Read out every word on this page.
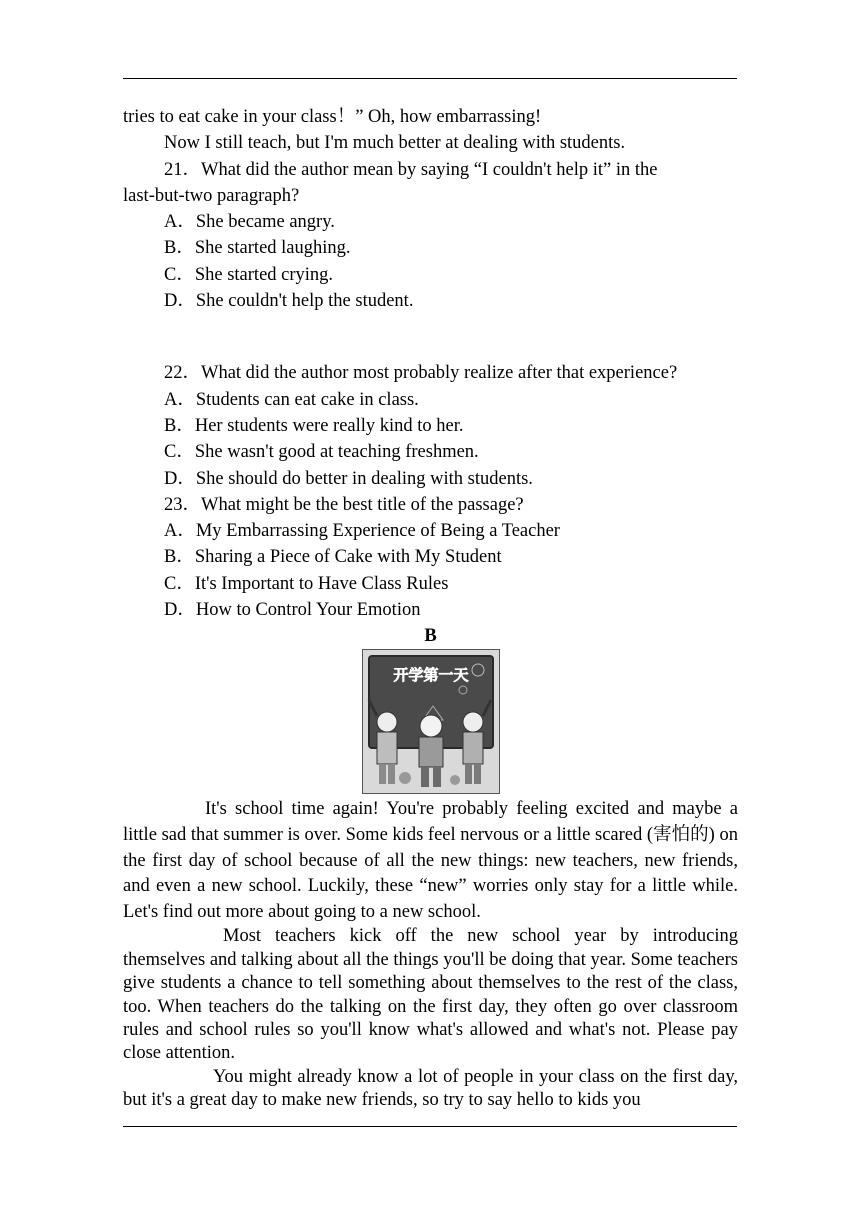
tries to eat cake in your class！” Oh, how embarrassing!
Now I still teach, but I'm much better at dealing with students.
21．What did the author mean by saying “I couldn't help it” in the
last-but-two paragraph?
A．She became angry.
B．She started laughing.
C．She started crying.
D．She couldn't help the student.
22．What did the author most probably realize after that experience?
A．Students can eat cake in class.
B．Her students were really kind to her.
C．She wasn't good at teaching freshmen.
D．She should do better in dealing with students.
23．What might be the best title of the passage?
A．My Embarrassing Experience of Being a Teacher
B．Sharing a Piece of Cake with My Student
C．It's Important to Have Class Rules
D．How to Control Your Emotion
B
开学第一天
It's school time again! You're probably feeling excited and maybe a little sad that summer is over. Some kids feel nervous or a little scared (害怕的) on the first day of school because of all the new things: new teachers, new friends, and even a new school. Luckily, these “new” worries only stay for a little while. Let's find out more about going to a new school.
Most teachers kick off the new school year by introducing themselves and talking about all the things you'll be doing that year. Some teachers give students a chance to tell something about themselves to the rest of the class, too. When teachers do the talking on the first day, they often go over classroom rules and school rules so you'll know what's allowed and what's not. Please pay close attention.
You might already know a lot of people in your class on the first day, but it's a great day to make new friends, so try to say hello to kids you
